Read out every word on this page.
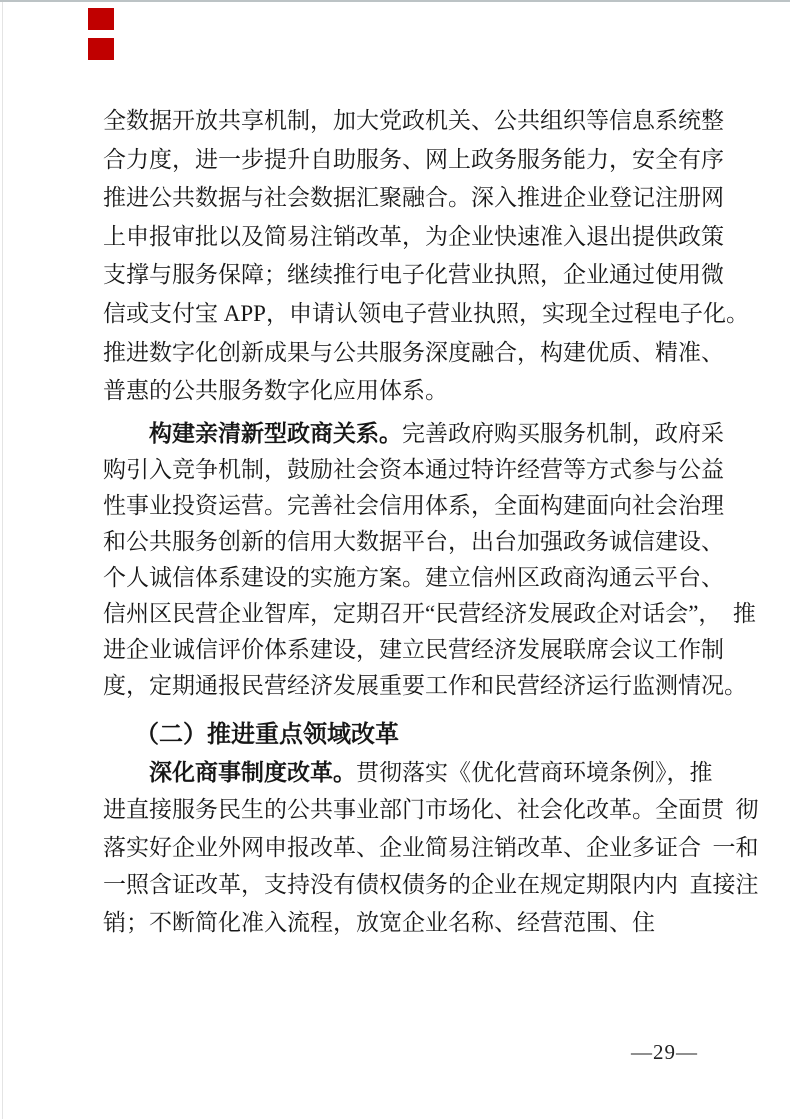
全数据开放共享机制，加大党政机关、公共组织等信息系统整
合力度，进一步提升自助服务、网上政务服务能力，安全有序
推进公共数据与社会数据汇聚融合。深入推进企业登记注册网
上申报审批以及简易注销改革，为企业快速准入退出提供政策
支撑与服务保障；继续推行电子化营业执照，企业通过使用微
信或支付宝 APP，申请认领电子营业执照，实现全过程电子化。
推进数字化创新成果与公共服务深度融合，构建优质、精准、
普惠的公共服务数字化应用体系。
构建亲清新型政商关系。完善政府购买服务机制，政府采
购引入竞争机制，鼓励社会资本通过特许经营等方式参与公益
性事业投资运营。完善社会信用体系，全面构建面向社会治理
和公共服务创新的信用大数据平台，出台加强政务诚信建设、
个人诚信体系建设的实施方案。建立信州区政商沟通云平台、
信州区民营企业智库，定期召开“民营经济发展政企对话会”，　推
进企业诚信评价体系建设，建立民营经济发展联席会议工作制
度，定期通报民营经济发展重要工作和民营经济运行监测情况。
（二）推进重点领域改革
深化商事制度改革。贯彻落实《优化营商环境条例》，推
进直接服务民生的公共事业部门市场化、社会化改革。全面贯  彻
落实好企业外网申报改革、企业简易注销改革、企业多证合  一和
一照含证改革，支持没有债权债务的企业在规定期限内内  直接注
销；不断简化准入流程，放宽企业名称、经营范围、住
—29—
